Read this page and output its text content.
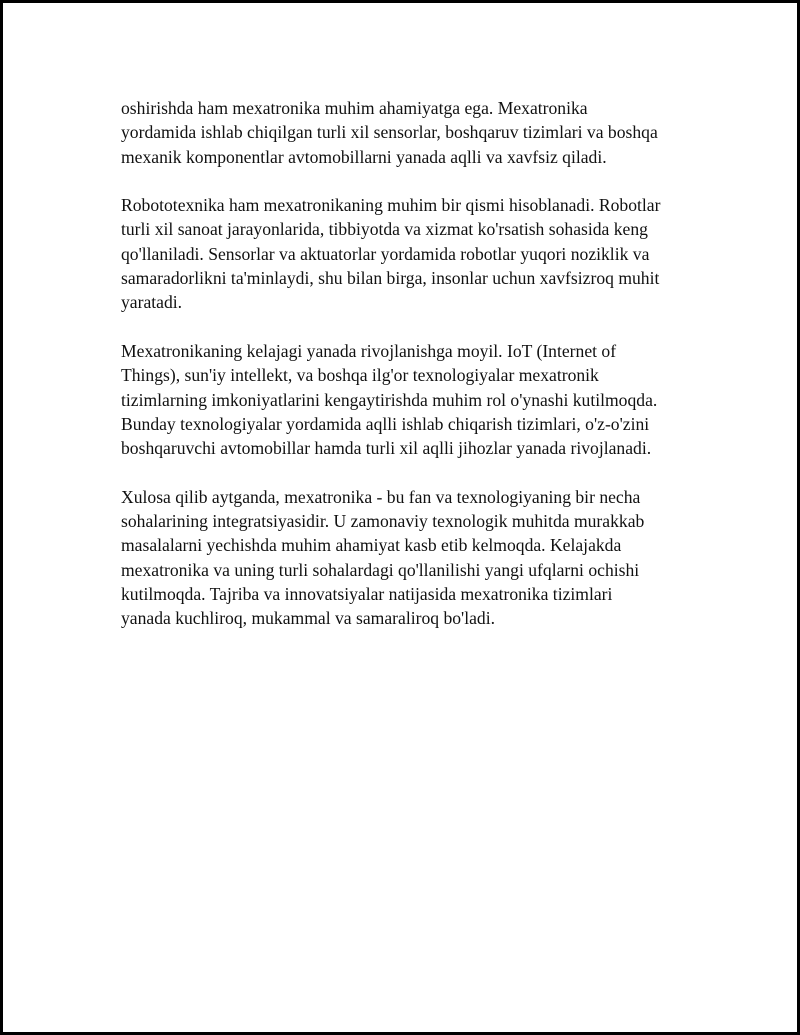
oshirishda ham mexatronika muhim ahamiyatga ega. Mexatronika
yordamida ishlab chiqilgan turli xil sensorlar, boshqaruv tizimlari va boshqa
mexanik komponentlar avtomobillarni yanada aqlli va xavfsiz qiladi.

Robototexnika ham mexatronikaning muhim bir qismi hisoblanadi. Robotlar
turli xil sanoat jarayonlarida, tibbiyotda va xizmat ko'rsatish sohasida keng
qo'llaniladi. Sensorlar va aktuatorlar yordamida robotlar yuqori noziklik va
samaradorlikni ta'minlaydi, shu bilan birga, insonlar uchun xavfsizroq muhit
yaratadi.

Mexatronikaning kelajagi yanada rivojlanishga moyil. IoT (Internet of
Things), sun'iy intellekt, va boshqa ilg'or texnologiyalar mexatronik
tizimlarning imkoniyatlarini kengaytirishda muhim rol o'ynashi kutilmoqda.
Bunday texnologiyalar yordamida aqlli ishlab chiqarish tizimlari, o'z-o'zini
boshqaruvchi avtomobillar hamda turli xil aqlli jihozlar yanada rivojlanadi.

Xulosa qilib aytganda, mexatronika - bu fan va texnologiyaning bir necha
sohalarining integratsiyasidir. U zamonaviy texnologik muhitda murakkab
masalalarni yechishda muhim ahamiyat kasb etib kelmoqda. Kelajakda
mexatronika va uning turli sohalardagi qo'llanilishi yangi ufqlarni ochishi
kutilmoqda. Tajriba va innovatsiyalar natijasida mexatronika tizimlari
yanada kuchliroq, mukammal va samaraliroq bo'ladi.
